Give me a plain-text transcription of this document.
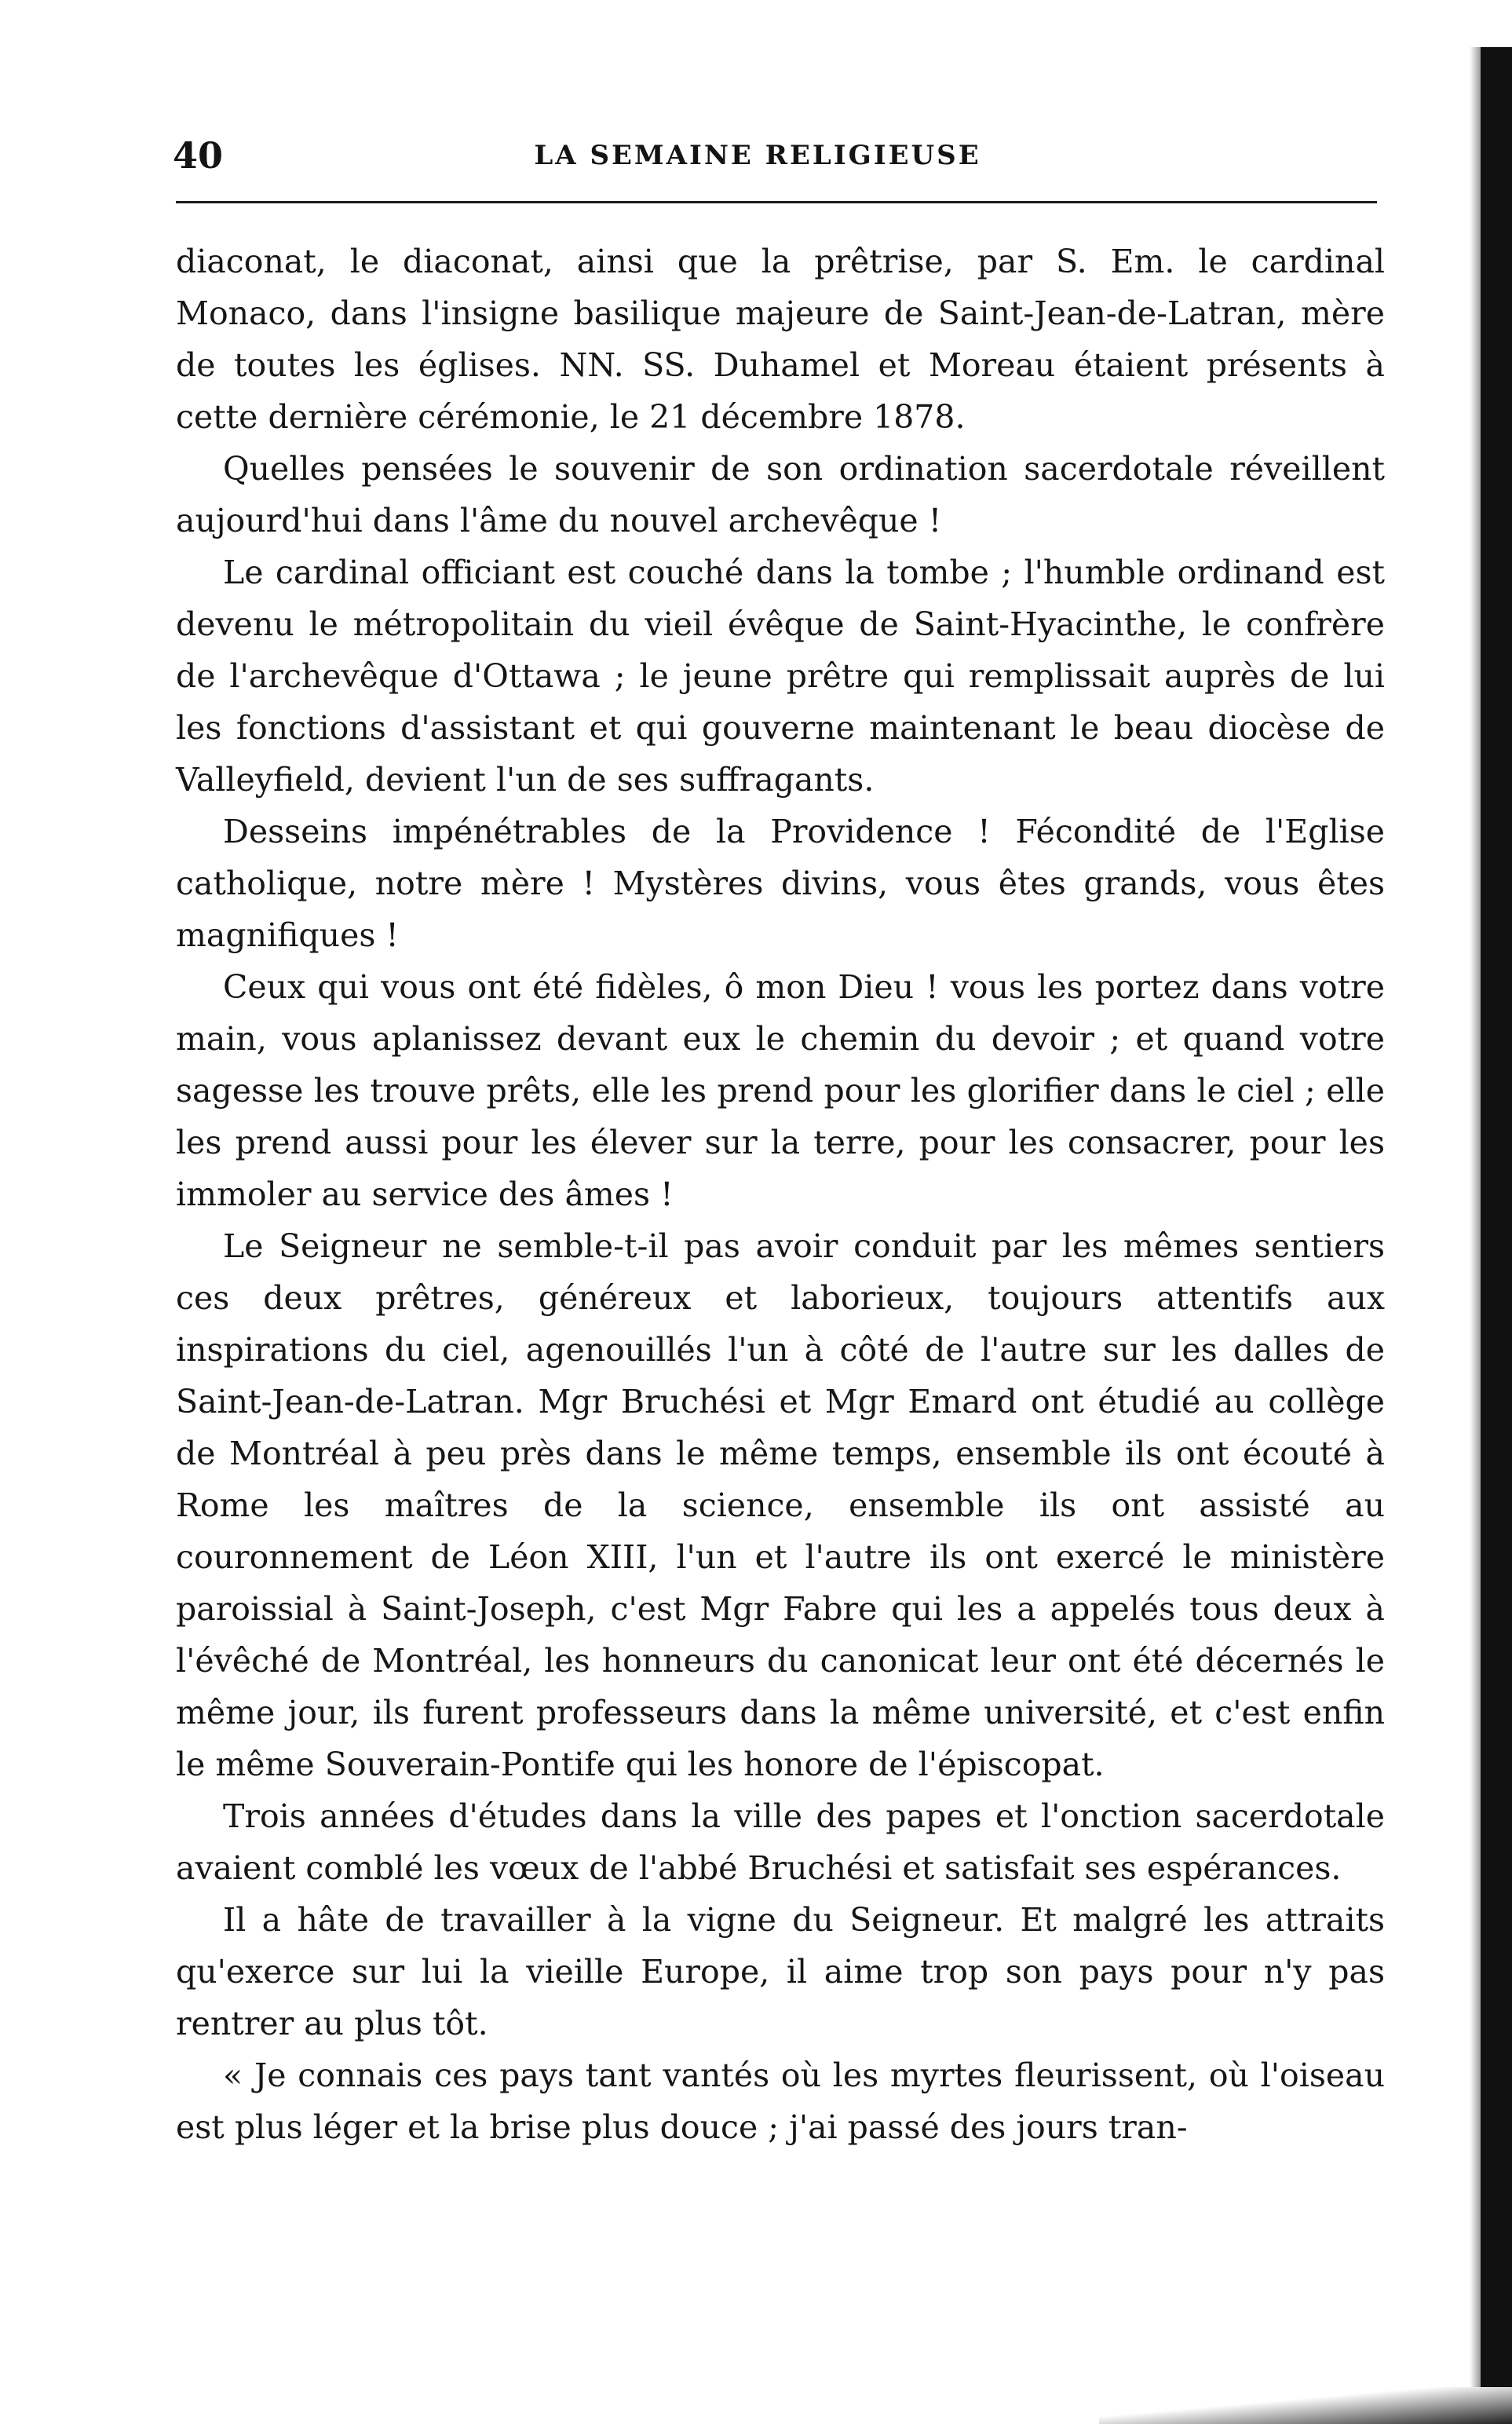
40	LA SEMAINE RELIGIEUSE

diaconat, le diaconat, ainsi que la prêtrise, par S. Em. le cardinal Monaco, dans l'insigne basilique majeure de Saint-Jean-de-Latran, mère de toutes les églises. NN. SS. Duhamel et Moreau étaient présents à cette dernière cérémonie, le 21 décembre 1878.

Quelles pensées le souvenir de son ordination sacerdotale réveillent aujourd'hui dans l'âme du nouvel archevêque !

Le cardinal officiant est couché dans la tombe ; l'humble ordinand est devenu le métropolitain du vieil évêque de Saint-Hyacinthe, le confrère de l'archevêque d'Ottawa ; le jeune prêtre qui remplissait auprès de lui les fonctions d'assistant et qui gouverne maintenant le beau diocèse de Valleyfield, devient l'un de ses suffragants.

Desseins impénétrables de la Providence ! Fécondité de l'Eglise catholique, notre mère ! Mystères divins, vous êtes grands, vous êtes magnifiques !

Ceux qui vous ont été fidèles, ô mon Dieu ! vous les portez dans votre main, vous aplanissez devant eux le chemin du devoir ; et quand votre sagesse les trouve prêts, elle les prend pour les glorifier dans le ciel ; elle les prend aussi pour les élever sur la terre, pour les consacrer, pour les immoler au service des âmes !

Le Seigneur ne semble-t-il pas avoir conduit par les mêmes sentiers ces deux prêtres, généreux et laborieux, toujours attentifs aux inspirations du ciel, agenouillés l'un à côté de l'autre sur les dalles de Saint-Jean-de-Latran. Mgr Bruchési et Mgr Emard ont étudié au collège de Montréal à peu près dans le même temps, ensemble ils ont écouté à Rome les maîtres de la science, ensemble ils ont assisté au couronnement de Léon XIII, l'un et l'autre ils ont exercé le ministère paroissial à Saint-Joseph, c'est Mgr Fabre qui les a appelés tous deux à l'évêché de Montréal, les honneurs du canonicat leur ont été décernés le même jour, ils furent professeurs dans la même université, et c'est enfin le même Souverain-Pontife qui les honore de l'épiscopat.

Trois années d'études dans la ville des papes et l'onction sacerdotale avaient comblé les vœux de l'abbé Bruchési et satisfait ses espérances.

Il a hâte de travailler à la vigne du Seigneur. Et malgré les attraits qu'exerce sur lui la vieille Europe, il aime trop son pays pour n'y pas rentrer au plus tôt.

« Je connais ces pays tant vantés où les myrtes fleurissent, où l'oiseau est plus léger et la brise plus douce ; j'ai passé des jours tran-
